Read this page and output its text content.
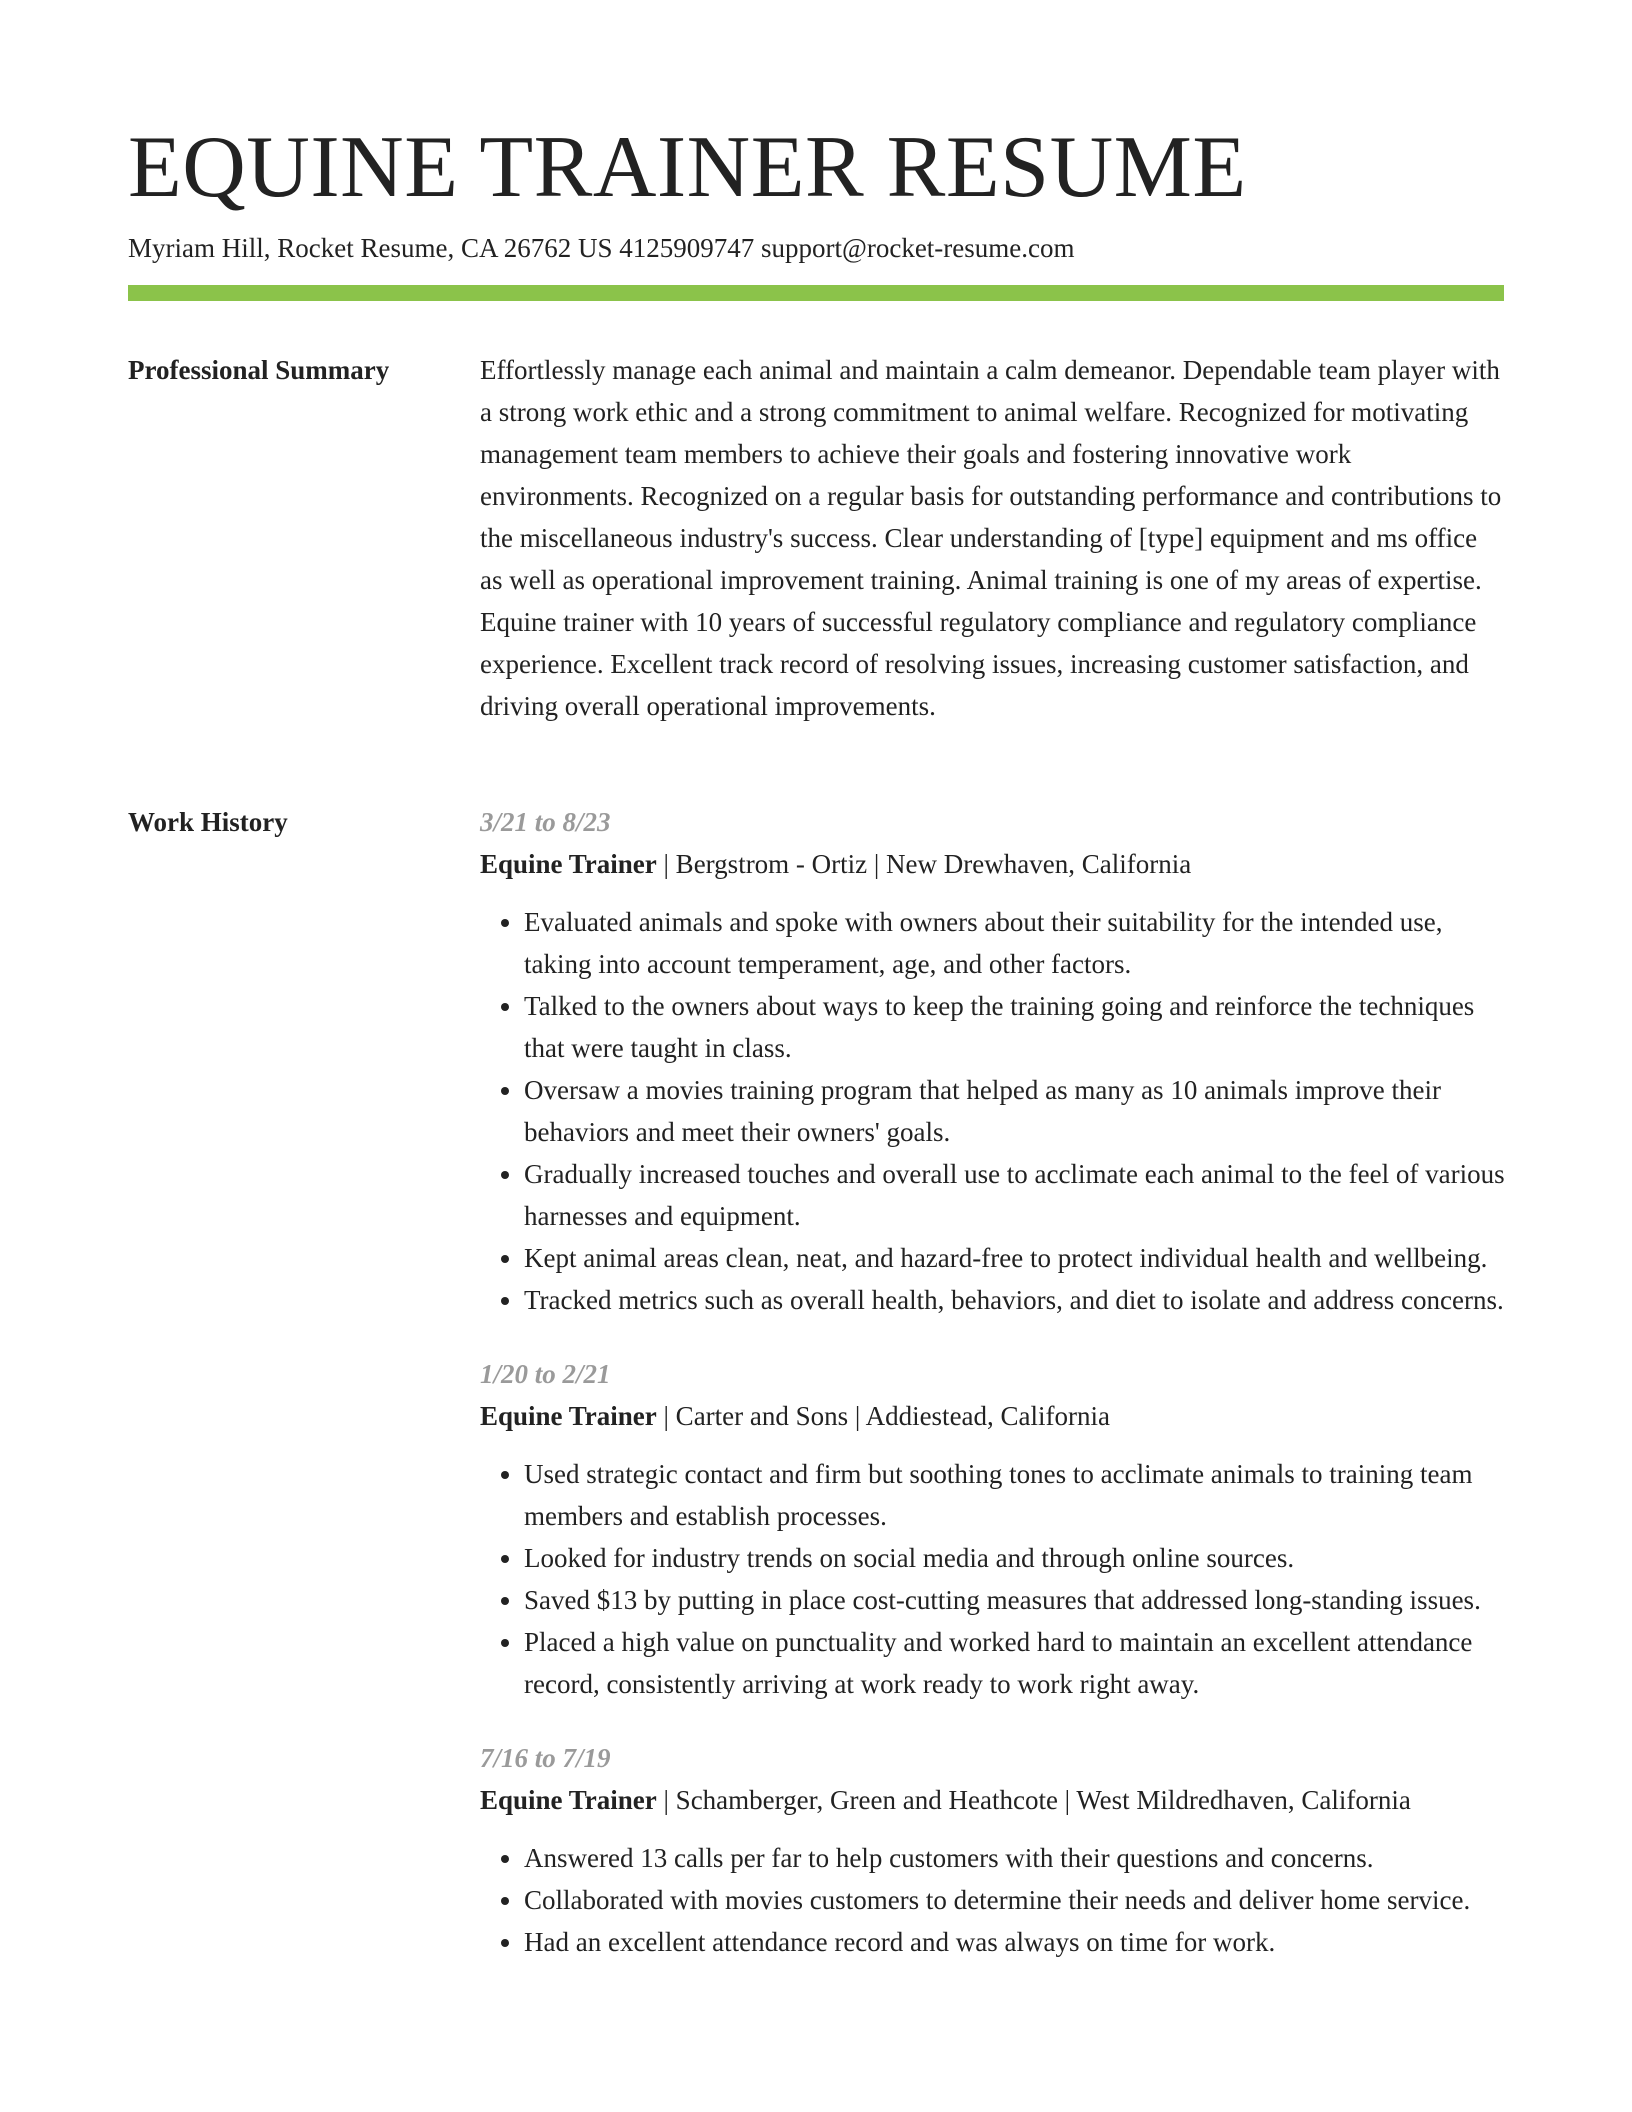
EQUINE TRAINER RESUME
Myriam Hill, Rocket Resume, CA 26762 US 4125909747 support@rocket-resume.com
Professional Summary	Effortlessly manage each animal and maintain a calm demeanor. Dependable team player with a strong work ethic and a strong commitment to animal welfare. Recognized for motivating management team members to achieve their goals and fostering innovative work environments. Recognized on a regular basis for outstanding performance and contributions to the miscellaneous industry's success. Clear understanding of [type] equipment and ms office as well as operational improvement training. Animal training is one of my areas of expertise. Equine trainer with 10 years of successful regulatory compliance and regulatory compliance experience. Excellent track record of resolving issues, increasing customer satisfaction, and driving overall operational improvements.

Work History	3/21 to 8/23
Equine Trainer | Bergstrom - Ortiz | New Drewhaven, California
• Evaluated animals and spoke with owners about their suitability for the intended use, taking into account temperament, age, and other factors.
• Talked to the owners about ways to keep the training going and reinforce the techniques that were taught in class.
• Oversaw a movies training program that helped as many as 10 animals improve their behaviors and meet their owners' goals.
• Gradually increased touches and overall use to acclimate each animal to the feel of various harnesses and equipment.
• Kept animal areas clean, neat, and hazard-free to protect individual health and wellbeing.
• Tracked metrics such as overall health, behaviors, and diet to isolate and address concerns.
1/20 to 2/21
Equine Trainer | Carter and Sons | Addiestead, California
• Used strategic contact and firm but soothing tones to acclimate animals to training team members and establish processes.
• Looked for industry trends on social media and through online sources.
• Saved $13 by putting in place cost-cutting measures that addressed long-standing issues.
• Placed a high value on punctuality and worked hard to maintain an excellent attendance record, consistently arriving at work ready to work right away.
7/16 to 7/19
Equine Trainer | Schamberger, Green and Heathcote | West Mildredhaven, California
• Answered 13 calls per far to help customers with their questions and concerns.
• Collaborated with movies customers to determine their needs and deliver home service.
• Had an excellent attendance record and was always on time for work.
